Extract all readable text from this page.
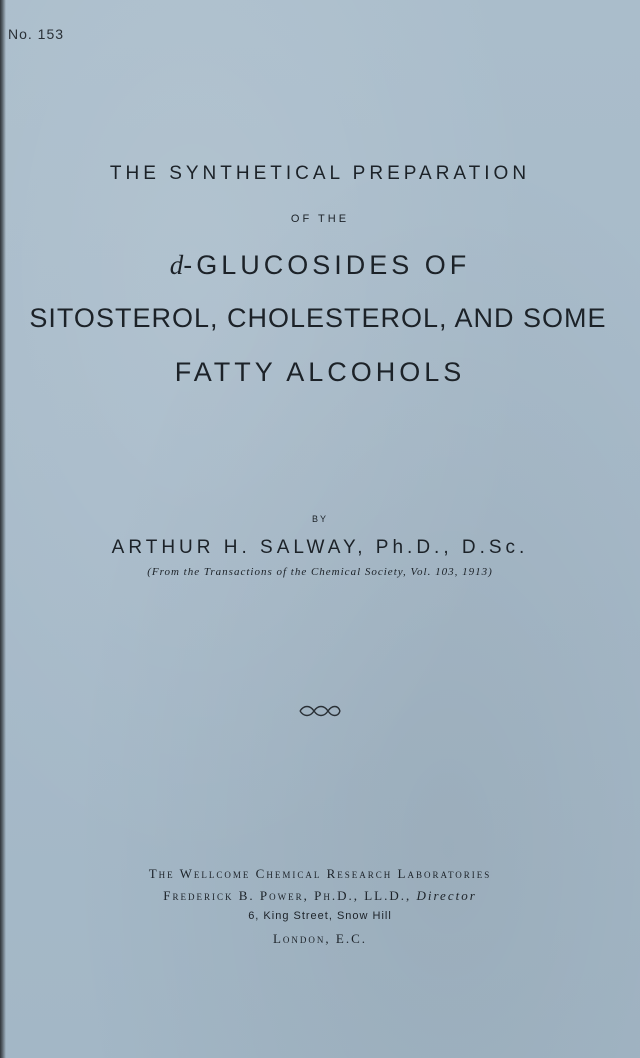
No. 153
THE SYNTHETICAL PREPARATION
OF THE
d-GLUCOSIDES OF
SITOSTEROL, CHOLESTEROL, AND SOME
FATTY ALCOHOLS
BY
ARTHUR H. SALWAY, Ph.D., D.Sc.
(From the Transactions of the Chemical Society, Vol. 103, 1913)
The Wellcome Chemical Research Laboratories
Frederick B. Power, Ph.D., LL.D., Director
6, King Street, Snow Hill
London, E.C.
